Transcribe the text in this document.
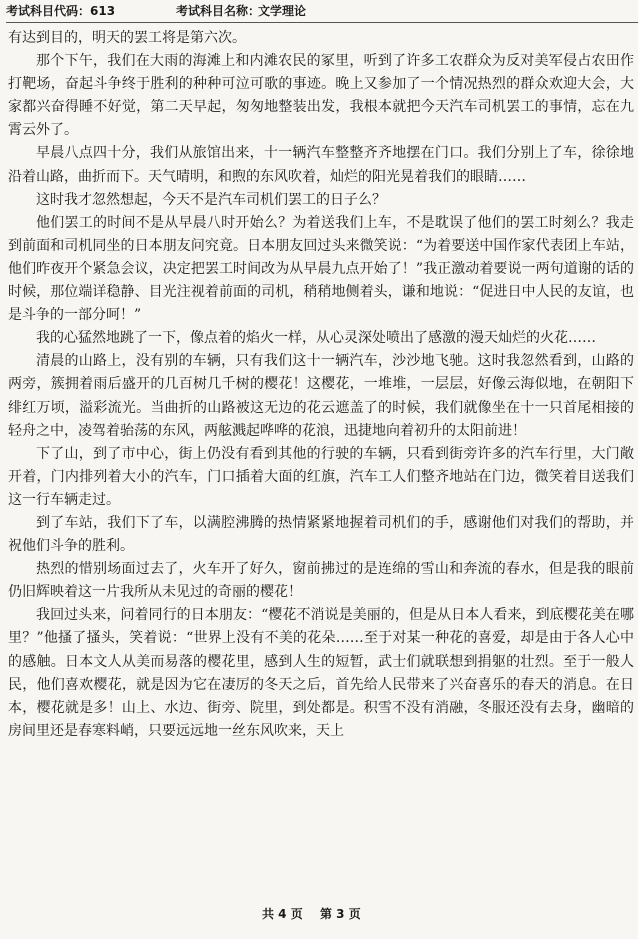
考试科目代码： 613	考试科目名称：
文学理论

有达到目的，明天的罢工将是第六次。

那个下午，我们在大雨的海滩上和内滩农民的冢里，听到了许多工农群众为反对美军侵占农田作打靶场，奋起斗争终于胜利的种种可泣可歌的事迹。晚上又参加了一个情况热烈的群众欢迎大会，大家都兴奋得睡不好觉，第二天早起，匆匆地整装出发，我根本就把今天汽车司机罢工的事情，忘在九霄云外了。

早晨八点四十分，我们从旅馆出来，十一辆汽车整整齐齐地摆在门口。我们分别上了车，徐徐地沿着山路，曲折而下。天气晴明，和煦的东风吹着，灿烂的阳光晃着我们的眼睛……

这时我才忽然想起，今天不是汽车司机们罢工的日子么？

他们罢工的时间不是从早晨八时开始么？为着送我们上车，不是耽误了他们的罢工时刻么？我走到前面和司机同坐的日本朋友问究竟。日本朋友回过头来微笑说：“为着要送中国作家代表团上车站，他们昨夜开个紧急会议，决定把罢工时间改为从早晨九点开始了！”我正激动着要说一两句道谢的话的时候，那位端详稳静、目光注视着前面的司机，稍稍地侧着头，谦和地说：“促进日中人民的友谊，也是斗争的一部分呵！”

我的心猛然地跳了一下，像点着的焰火一样，从心灵深处喷出了感激的漫天灿烂的火花……

清晨的山路上，没有别的车辆，只有我们这十一辆汽车，沙沙地飞驰。这时我忽然看到，山路的两旁，簇拥着雨后盛开的几百树几千树的樱花！这樱花，一堆堆，一层层，好像云海似地，在朝阳下绯红万顷，溢彩流光。当曲折的山路被这无边的花云遮盖了的时候，我们就像坐在十一只首尾相接的轻舟之中，凌驾着骀荡的东风，两舷溅起哗哗的花浪，迅捷地向着初升的太阳前进！

下了山，到了市中心，街上仍没有看到其他的行驶的车辆，只看到街旁许多的汽车行里，大门敞开着，门内排列着大小的汽车，门口插着大面的红旗，汽车工人们整齐地站在门边，微笑着目送我们这一行车辆走过。

到了车站，我们下了车，以满腔沸腾的热情紧紧地握着司机们的手，感谢他们对我们的帮助，并祝他们斗争的胜利。

热烈的惜别场面过去了，火车开了好久，窗前拂过的是连绵的雪山和奔流的春水，但是我的眼前仍旧辉映着这一片我所从未见过的奇丽的樱花！

我回过头来，问着同行的日本朋友：“樱花不消说是美丽的，但是从日本人看来，到底樱花美在哪里？”他搔了搔头，笑着说：“世界上没有不美的花朵……至于对某一种花的喜爱，却是由于各人心中的感触。日本文人从美而易落的樱花里，感到人生的短暂，武士们就联想到捐躯的壮烈。至于一般人民，他们喜欢樱花，就是因为它在凄厉的冬天之后，首先给人民带来了兴奋喜乐的春天的消息。在日本，樱花就是多！山上、水边、街旁、院里，到处都是。积雪不没有消融，冬服还没有去身，幽暗的房间里还是春寒料峭，只要远远地一丝东风吹来，天上

共 4 页 第 3 页
